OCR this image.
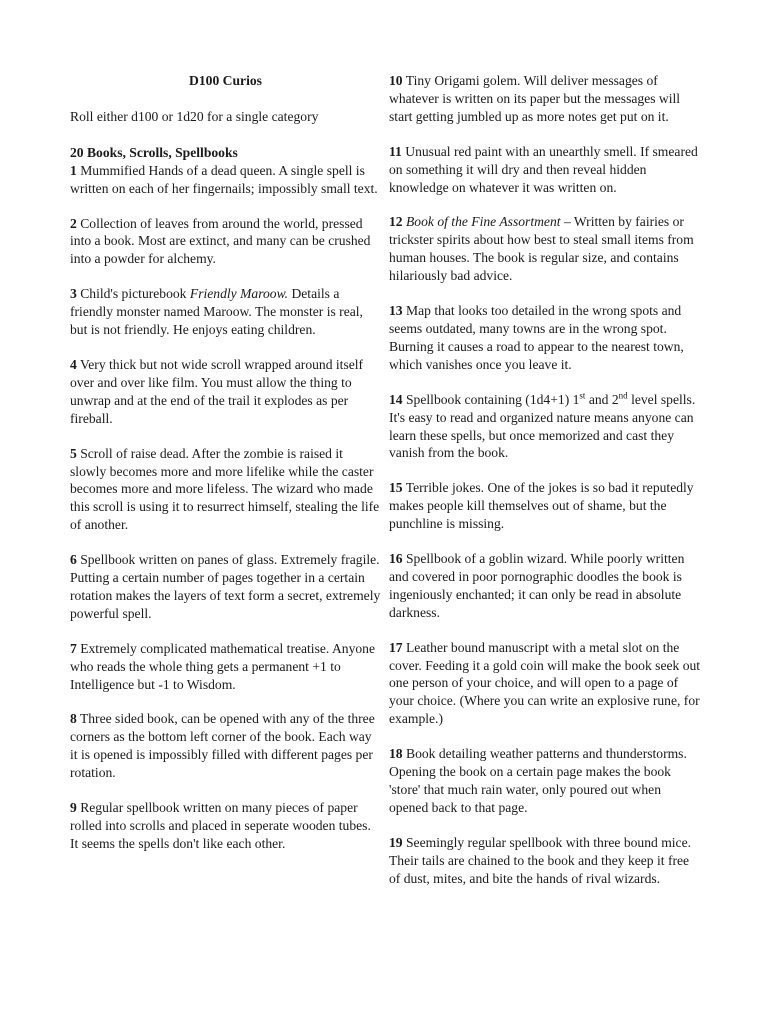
D100 Curios

Roll either d100 or 1d20 for a single category

20 Books, Scrolls, Spellbooks

1 Mummified Hands of a dead queen. A single spell is written on each of her fingernails; impossibly small text.

2 Collection of leaves from around the world, pressed into a book. Most are extinct, and many can be crushed into a powder for alchemy.

3 Child's picturebook Friendly Maroow. Details a friendly monster named Maroow. The monster is real, but is not friendly. He enjoys eating children.

4 Very thick but not wide scroll wrapped around itself over and over like film. You must allow the thing to unwrap and at the end of the trail it explodes as per fireball.

5 Scroll of raise dead. After the zombie is raised it slowly becomes more and more lifelike while the caster becomes more and more lifeless. The wizard who made this scroll is using it to resurrect himself, stealing the life of another.

6 Spellbook written on panes of glass. Extremely fragile. Putting a certain number of pages together in a certain rotation makes the layers of text form a secret, extremely powerful spell.

7 Extremely complicated mathematical treatise. Anyone who reads the whole thing gets a permanent +1 to Intelligence but -1 to Wisdom.

8 Three sided book, can be opened with any of the three corners as the bottom left corner of the book. Each way it is opened is impossibly filled with different pages per rotation.

9 Regular spellbook written on many pieces of paper rolled into scrolls and placed in seperate wooden tubes. It seems the spells don't like each other.

10 Tiny Origami golem. Will deliver messages of whatever is written on its paper but the messages will start getting jumbled up as more notes get put on it.

11 Unusual red paint with an unearthly smell. If smeared on something it will dry and then reveal hidden knowledge on whatever it was written on.

12 Book of the Fine Assortment – Written by fairies or trickster spirits about how best to steal small items from human houses. The book is regular size, and contains hilariously bad advice.

13 Map that looks too detailed in the wrong spots and seems outdated, many towns are in the wrong spot. Burning it causes a road to appear to the nearest town, which vanishes once you leave it.

14 Spellbook containing (1d4+1) 1st and 2nd level spells. It's easy to read and organized nature means anyone can learn these spells, but once memorized and cast they vanish from the book.

15 Terrible jokes. One of the jokes is so bad it reputedly makes people kill themselves out of shame, but the punchline is missing.

16 Spellbook of a goblin wizard. While poorly written and covered in poor pornographic doodles the book is ingeniously enchanted; it can only be read in absolute darkness.

17 Leather bound manuscript with a metal slot on the cover. Feeding it a gold coin will make the book seek out one person of your choice, and will open to a page of your choice. (Where you can write an explosive rune, for example.)

18 Book detailing weather patterns and thunderstorms. Opening the book on a certain page makes the book 'store' that much rain water, only poured out when opened back to that page.

19 Seemingly regular spellbook with three bound mice. Their tails are chained to the book and they keep it free of dust, mites, and bite the hands of rival wizards.
